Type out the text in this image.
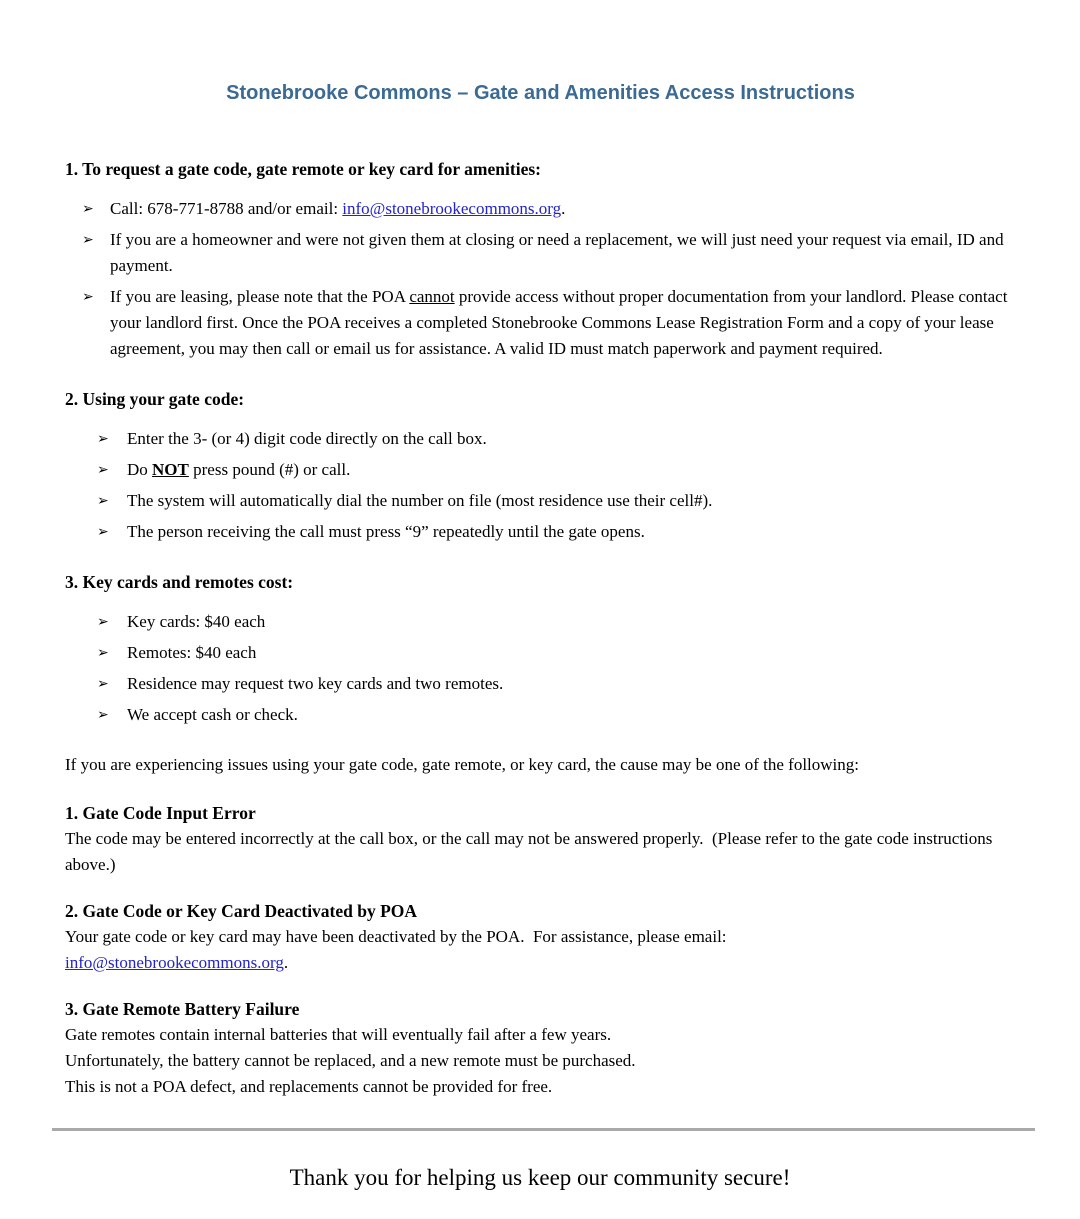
Stonebrooke Commons – Gate and Amenities Access Instructions
1. To request a gate code, gate remote or key card for amenities:
➢ Call: 678-771-8788 and/or email: info@stonebrookecommons.org.
➢ If you are a homeowner and were not given them at closing or need a replacement, we will just need your request via email, ID and payment.
➢ If you are leasing, please note that the POA cannot provide access without proper documentation from your landlord. Please contact your landlord first. Once the POA receives a completed Stonebrooke Commons Lease Registration Form and a copy of your lease agreement, you may then call or email us for assistance. A valid ID must match paperwork and payment required.
2. Using your gate code:
➢	Enter the 3- (or 4) digit code directly on the call box.
➢	Do NOT press pound (#) or call.
➢	The system will automatically dial the number on file (most residence use their cell#).
➢	The person receiving the call must press “9” repeatedly until the gate opens.
3. Key cards and remotes cost:
➢	Key cards: $40 each
➢	Remotes: $40 each
➢	Residence may request two key cards and two remotes.
➢	We accept cash or check.
If you are experiencing issues using your gate code, gate remote, or key card, the cause may be one of the following:
1. Gate Code Input Error
The code may be entered incorrectly at the call box, or the call may not be answered properly.  (Please refer to the gate code instructions above.)
2. Gate Code or Key Card Deactivated by POA
Your gate code or key card may have been deactivated by the POA.  For assistance, please email:
info@stonebrookecommons.org.
3. Gate Remote Battery Failure
Gate remotes contain internal batteries that will eventually fail after a few years.
Unfortunately, the battery cannot be replaced, and a new remote must be purchased.
This is not a POA defect, and replacements cannot be provided for free.
Thank you for helping us keep our community secure!
